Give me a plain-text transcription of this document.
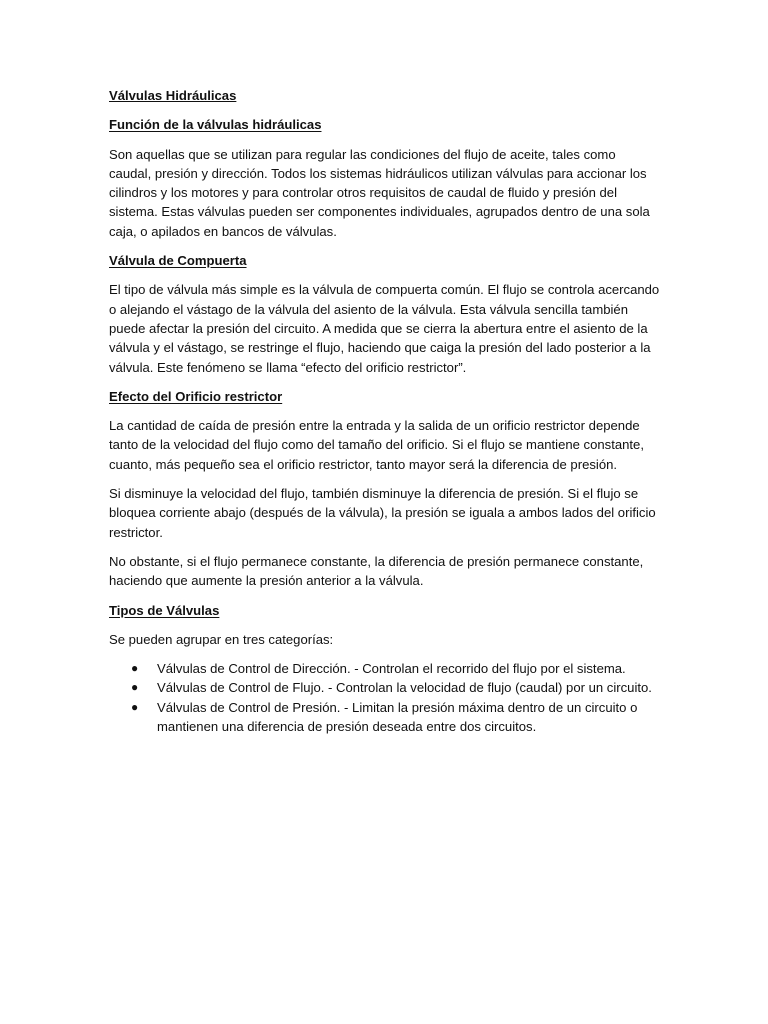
Válvulas Hidráulicas
Función de la válvulas hidráulicas

Son aquellas que se utilizan para regular las condiciones del flujo de aceite, tales como caudal, presión y dirección. Todos los sistemas hidráulicos utilizan válvulas para accionar los cilindros y los motores y para controlar otros requisitos de caudal de fluido y presión del sistema. Estas válvulas pueden ser componentes individuales, agrupados dentro de una sola caja, o apilados en bancos de válvulas.

Válvula de Compuerta

El tipo de válvula más simple es la válvula de compuerta común. El flujo se controla acercando o alejando el vástago de la válvula del asiento de la válvula. Esta válvula sencilla también puede afectar la presión del circuito. A medida que se cierra la abertura entre el asiento de la válvula y el vástago, se restringe el flujo, haciendo que caiga la presión del lado posterior a la válvula. Este fenómeno se llama “efecto del orificio restrictor”.

Efecto del Orificio restrictor

La cantidad de caída de presión entre la entrada y la salida de un orificio restrictor depende tanto de la velocidad del flujo como del tamaño del orificio. Si el flujo se mantiene constante, cuanto, más pequeño sea el orificio restrictor, tanto mayor será la diferencia de presión.

Si disminuye la velocidad del flujo, también disminuye la diferencia de presión. Si el flujo se bloquea corriente abajo (después de la válvula), la presión se iguala a ambos lados del orificio restrictor.

No obstante, si el flujo permanece constante, la diferencia de presión permanece constante, haciendo que aumente la presión anterior a la válvula.

Tipos de Válvulas

Se pueden agrupar en tres categorías:

● Válvulas de Control de Dirección. - Controlan el recorrido del flujo por el sistema.
● Válvulas de Control de Flujo. - Controlan la velocidad de flujo (caudal) por un circuito.
● Válvulas de Control de Presión. - Limitan la presión máxima dentro de un circuito o mantienen una diferencia de presión deseada entre dos circuitos.
